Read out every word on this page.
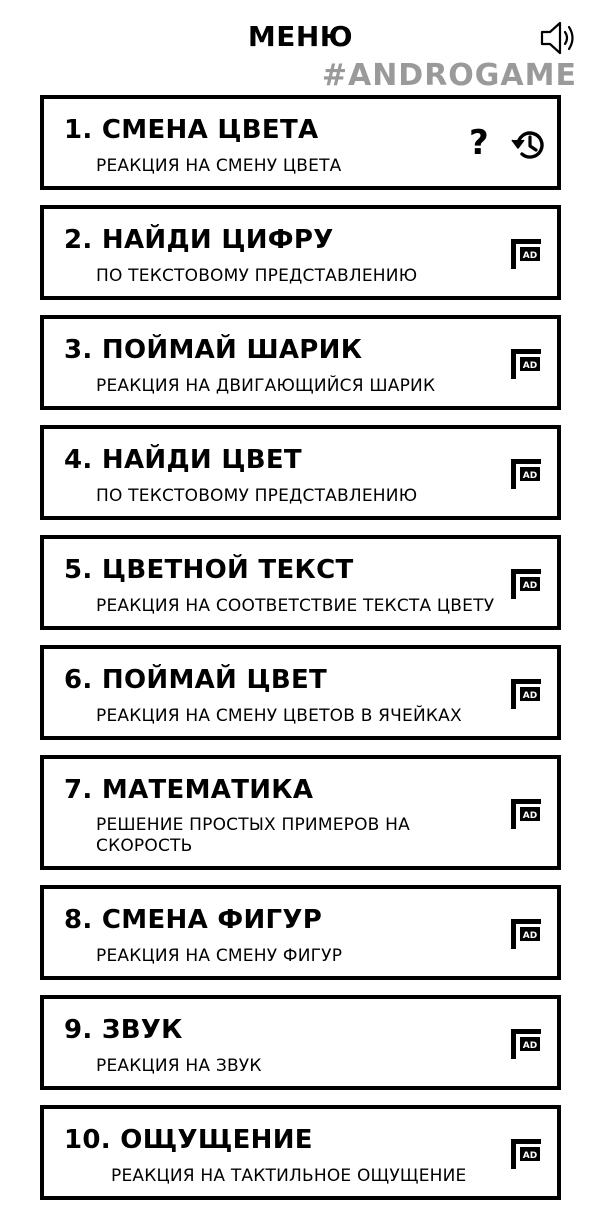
МЕНЮ
#ANDROGAME
1. СМЕНА ЦВЕТА
РЕАКЦИЯ НА СМЕНУ ЦВЕТА
?
2. НАЙДИ ЦИФРУ
ПО ТЕКСТОВОМУ ПРЕДСТАВЛЕНИЮ
AD
3. ПОЙМАЙ ШАРИК
РЕАКЦИЯ НА ДВИГАЮЩИЙСЯ ШАРИК
AD
4. НАЙДИ ЦВЕТ
ПО ТЕКСТОВОМУ ПРЕДСТАВЛЕНИЮ
AD
5. ЦВЕТНОЙ ТЕКСТ
РЕАКЦИЯ НА СООТВЕТСТВИЕ ТЕКСТА ЦВЕТУ
AD
6. ПОЙМАЙ ЦВЕТ
РЕАКЦИЯ НА СМЕНУ ЦВЕТОВ В ЯЧЕЙКАХ
AD
7. МАТЕМАТИКА
РЕШЕНИЕ ПРОСТЫХ ПРИМЕРОВ НА СКОРОСТЬ
AD
8. СМЕНА ФИГУР
РЕАКЦИЯ НА СМЕНУ ФИГУР
AD
9. ЗВУК
РЕАКЦИЯ НА ЗВУК
AD
10. ОЩУЩЕНИЕ
РЕАКЦИЯ НА ТАКТИЛЬНОЕ ОЩУЩЕНИЕ
AD
